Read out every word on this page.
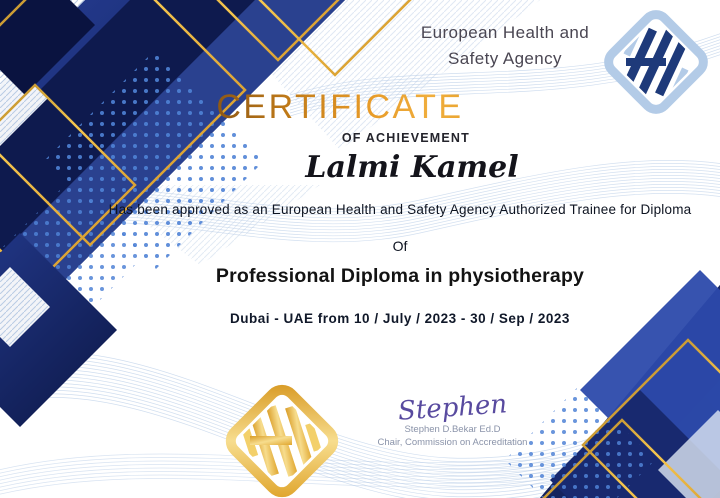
European Health and
Safety Agency
CERTIFICATE
OF ACHIEVEMENT
Lalmi Kamel
Has been approved as an European Health and Safety Agency Authorized Trainee for Diploma
Of
Professional Diploma in physiotherapy
Dubai - UAE from 10 / July / 2023 - 30 / Sep / 2023
Stephen
Stephen D.Bekar Ed.D
Chair, Commission on Accreditation
